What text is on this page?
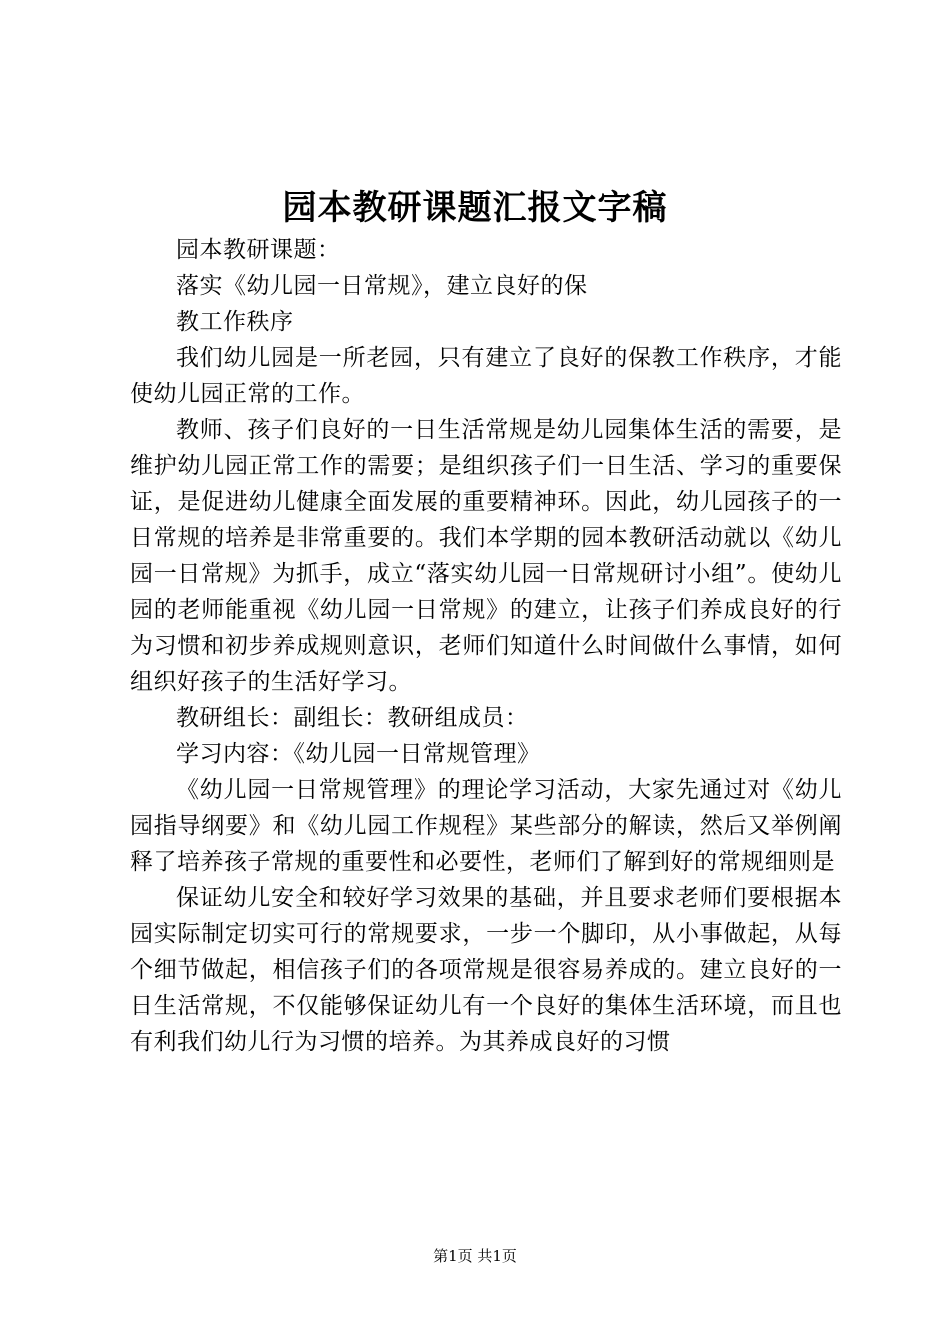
园本教研课题汇报文字稿

园本教研课题：

落实《幼儿园一日常规》，建立良好的保

教工作秩序

我们幼儿园是一所老园，只有建立了良好的保教工作秩序，才能使幼儿园正常的工作。

教师、孩子们良好的一日生活常规是幼儿园集体生活的需要，是维护幼儿园正常工作的需要；是组织孩子们一日生活、学习的重要保证，是促进幼儿健康全面发展的重要精神环。因此，幼儿园孩子的一日常规的培养是非常重要的。我们本学期的园本教研活动就以《幼儿园一日常规》为抓手，成立“落实幼儿园一日常规研讨小组”。使幼儿园的老师能重视《幼儿园一日常规》的建立，让孩子们养成良好的行为习惯和初步养成规则意识，老师们知道什么时间做什么事情，如何组织好孩子的生活好学习。

教研组长：副组长：教研组成员：

学习内容：《幼儿园一日常规管理》

《幼儿园一日常规管理》的理论学习活动，大家先通过对《幼儿园指导纲要》和《幼儿园工作规程》某些部分的解读，然后又举例阐释了培养孩子常规的重要性和必要性，老师们了解到好的常规细则是

保证幼儿安全和较好学习效果的基础，并且要求老师们要根据本园实际制定切实可行的常规要求，一步一个脚印，从小事做起，从每个细节做起，相信孩子们的各项常规是很容易养成的。建立良好的一日生活常规，不仅能够保证幼儿有一个良好的集体生活环境，而且也有利我们幼儿行为习惯的培养。为其养成良好的习惯

第1页 共1页
